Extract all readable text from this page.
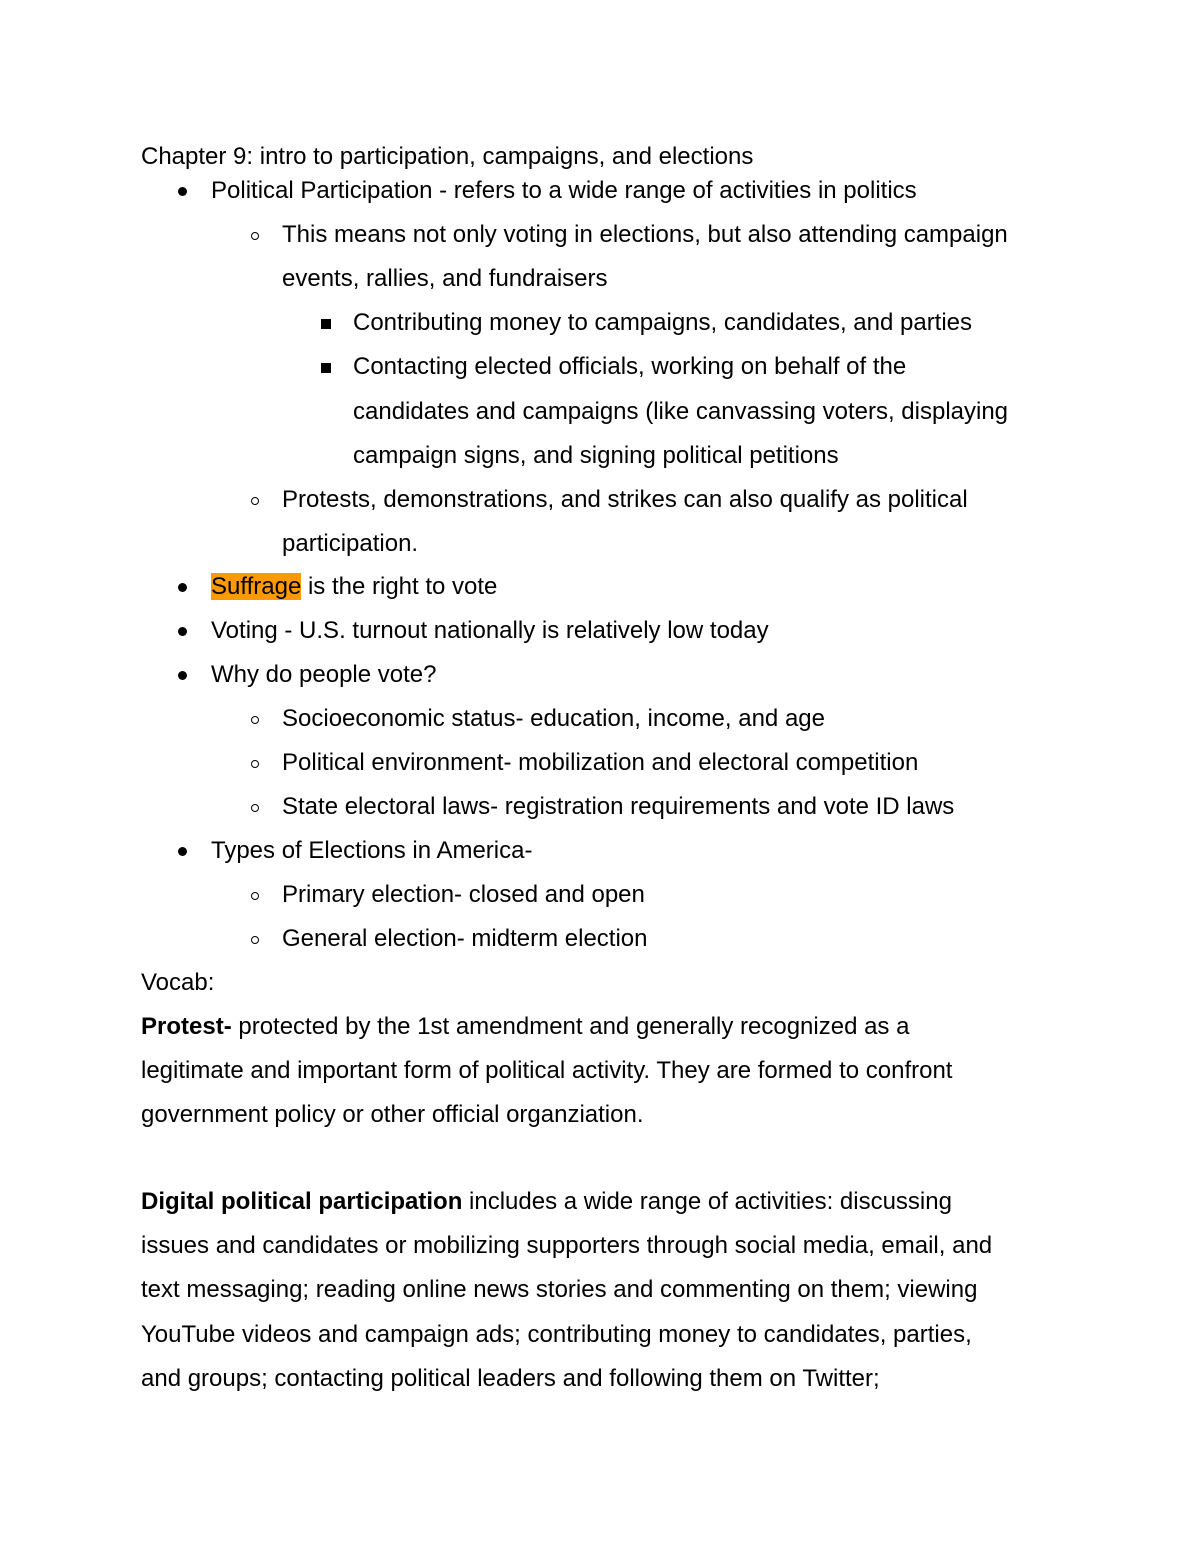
Chapter 9: intro to participation, campaigns, and elections
Political Participation - refers to a wide range of activities in politics
This means not only voting in elections, but also attending campaign
events, rallies, and fundraisers
Contributing money to campaigns, candidates, and parties
Contacting elected officials, working on behalf of the
candidates and campaigns (like canvassing voters, displaying
campaign signs, and signing political petitions
Protests, demonstrations, and strikes can also qualify as political
participation.
Suffrage is the right to vote
Voting - U.S. turnout nationally is relatively low today
Why do people vote?
Socioeconomic status- education, income, and age
Political environment- mobilization and electoral competition
State electoral laws- registration requirements and vote ID laws
Types of Elections in America-
Primary election- closed and open
General election- midterm election
Vocab:
Protest- protected by the 1st amendment and generally recognized as a
legitimate and important form of political activity. They are formed to confront
government policy or other official organziation.
Digital political participation includes a wide range of activities: discussing
issues and candidates or mobilizing supporters through social media, email, and
text messaging; reading online news stories and commenting on them; viewing
YouTube videos and campaign ads; contributing money to candidates, parties,
and groups; contacting political leaders and following them on Twitter;
